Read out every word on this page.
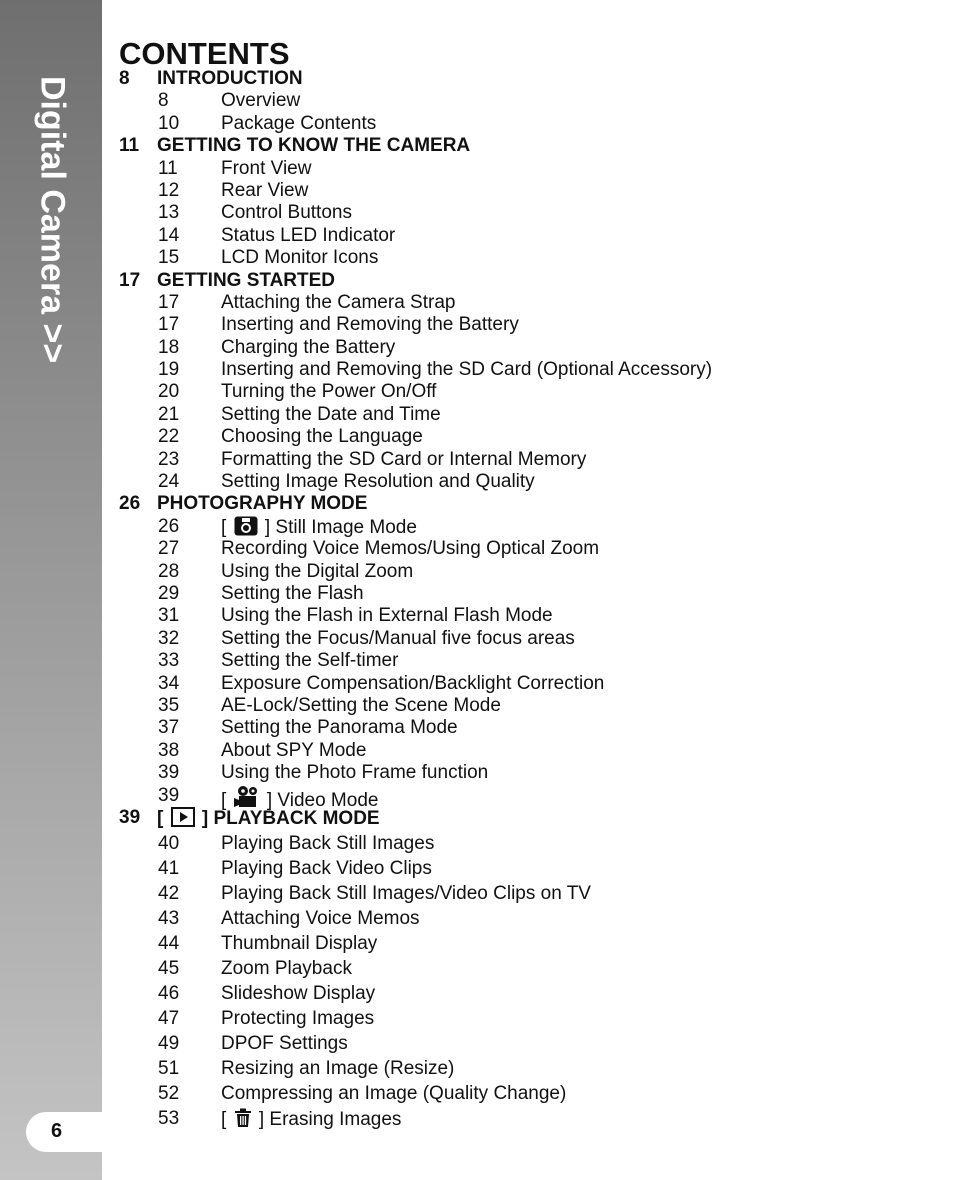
Digital Camera >>
6
CONTENTS
8 INTRODUCTION
8	Overview
10 Package Contents
11 GETTING TO KNOW THE CAMERA
11 Front View
12 Rear View
13 Control Buttons
14 Status LED Indicator
15 LCD Monitor Icons
17 GETTING STARTED
17 Attaching the Camera Strap
17 Inserting and Removing the Battery
18 Charging the Battery
19 Inserting and Removing the SD Card (Optional Accessory)
20 Turning the Power On/Off
21 Setting the Date and Time
22 Choosing the Language
23 Formatting the SD Card or Internal Memory
24 Setting Image Resolution and Quality
26 PHOTOGRAPHY MODE
26 [  ] Still Image Mode
27 Recording Voice Memos/Using Optical Zoom
28 Using the Digital Zoom
29 Setting the Flash
31 Using the Flash in External Flash Mode
32 Setting the Focus/Manual five focus areas
33 Setting the Self-timer
34 Exposure Compensation/Backlight Correction
35 AE-Lock/Setting the Scene Mode
37 Setting the Panorama Mode
38 About SPY Mode
39 Using the Photo Frame function
39 [  ] Video Mode
39 [  ] PLAYBACK MODE
40 Playing Back Still Images
41 Playing Back Video Clips
42 Playing Back Still Images/Video Clips on TV
43 Attaching Voice Memos
44 Thumbnail Display
45 Zoom Playback
46 Slideshow Display
47 Protecting Images
49 DPOF Settings
51 Resizing an Image (Resize)
52 Compressing an Image (Quality Change)
53 [  ] Erasing Images
